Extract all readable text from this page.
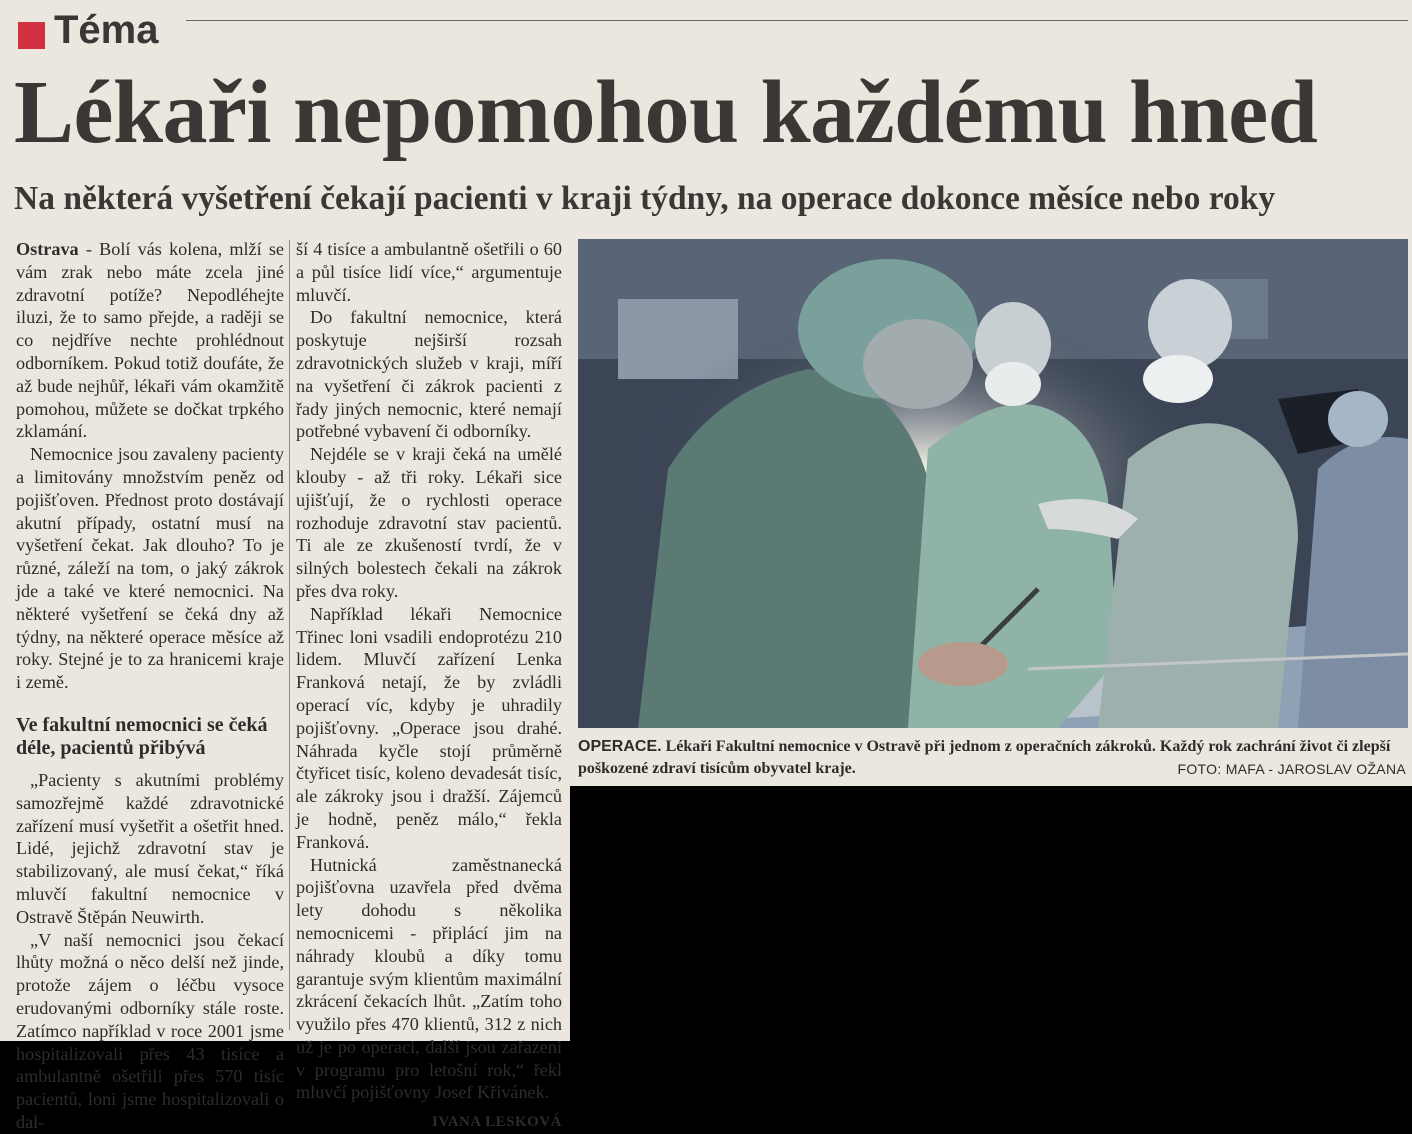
Téma
Lékaři nepomohou každému hned
Na některá vyšetření čekají pacienti v kraji týdny, na operace dokonce měsíce nebo roky

Ostrava - Bolí vás kolena, mlží se vám zrak nebo máte zcela jiné zdravotní potíže? Nepodléhejte iluzi, že to samo přejde, a raději se co nejdříve nechte prohlédnout odborníkem. Pokud totiž doufáte, že až bude nejhůř, lékaři vám okamžitě pomohou, můžete se dočkat trpkého zklamání.

Nemocnice jsou zavaleny pacienty a limitovány množstvím peněz od pojišťoven. Přednost proto dostávají akutní případy, ostatní musí na vyšetření čekat. Jak dlouho? To je různé, záleží na tom, o jaký zákrok jde a také ve které nemocnici. Na některé vyšetření se čeká dny až týdny, na některé operace měsíce až roky. Stejné je to za hranicemi kraje i země.

Ve fakultní nemocnici se čeká déle, pacientů přibývá

„Pacienty s akutními problémy samozřejmě každé zdravotnické zařízení musí vyšetřit a ošetřit hned. Lidé, jejichž zdravotní stav je stabilizovaný, ale musí čekat,“ říká mluvčí fakultní nemocnice v Ostravě Štěpán Neuwirth.

„V naší nemocnici jsou čekací lhůty možná o něco delší než jinde, protože zájem o léčbu vysoce erudovanými odborníky stále roste. Zatímco například v roce 2001 jsme hospitalizovali přes 43 tisíce a ambulantně ošetřili přes 570 tisíc pacientů, loni jsme hospitalizovali o dal-

ší 4 tisíce a ambulantně ošetřili o 60 a půl tisíce lidí více,“ argumentuje mluvčí.

Do fakultní nemocnice, která poskytuje nejširší rozsah zdravotnických služeb v kraji, míří na vyšetření či zákrok pacienti z řady jiných nemocnic, které nemají potřebné vybavení či odborníky.

Nejdéle se v kraji čeká na umělé klouby - až tři roky. Lékaři sice ujišťují, že o rychlosti operace rozhoduje zdravotní stav pacientů. Ti ale ze zkušeností tvrdí, že v silných bolestech čekali na zákrok přes dva roky.

Například lékaři Nemocnice Třinec loni vsadili endoprotézu 210 lidem. Mluvčí zařízení Lenka Franková netají, že by zvládli operací víc, kdyby je uhradily pojišťovny. „Operace jsou drahé. Náhrada kyčle stojí průměrně čtyřicet tisíc, koleno devadesát tisíc, ale zákroky jsou i dražší. Zájemců je hodně, peněz málo,“ řekla Franková.

Hutnická zaměstnanecká pojišťovna uzavřela před dvěma lety dohodu s několika nemocnicemi - připlácí jim na náhrady kloubů a díky tomu garantuje svým klientům maximální zkrácení čekacích lhůt. „Zatím toho využilo přes 470 klientů, 312 z nich už je po operaci, další jsou zařazeni v programu pro letošní rok,“ řekl mluvčí pojišťovny Josef Křivánek.

IVANA LESKOVÁ
OPERACE. Lékaři Fakultní nemocnice v Ostravě při jednom z operačních zákroků. Každý rok zachrání život či zlepší poškozené zdraví tisícům obyvatel kraje.	FOTO: MAFA - JAROSLAV OŽANA
